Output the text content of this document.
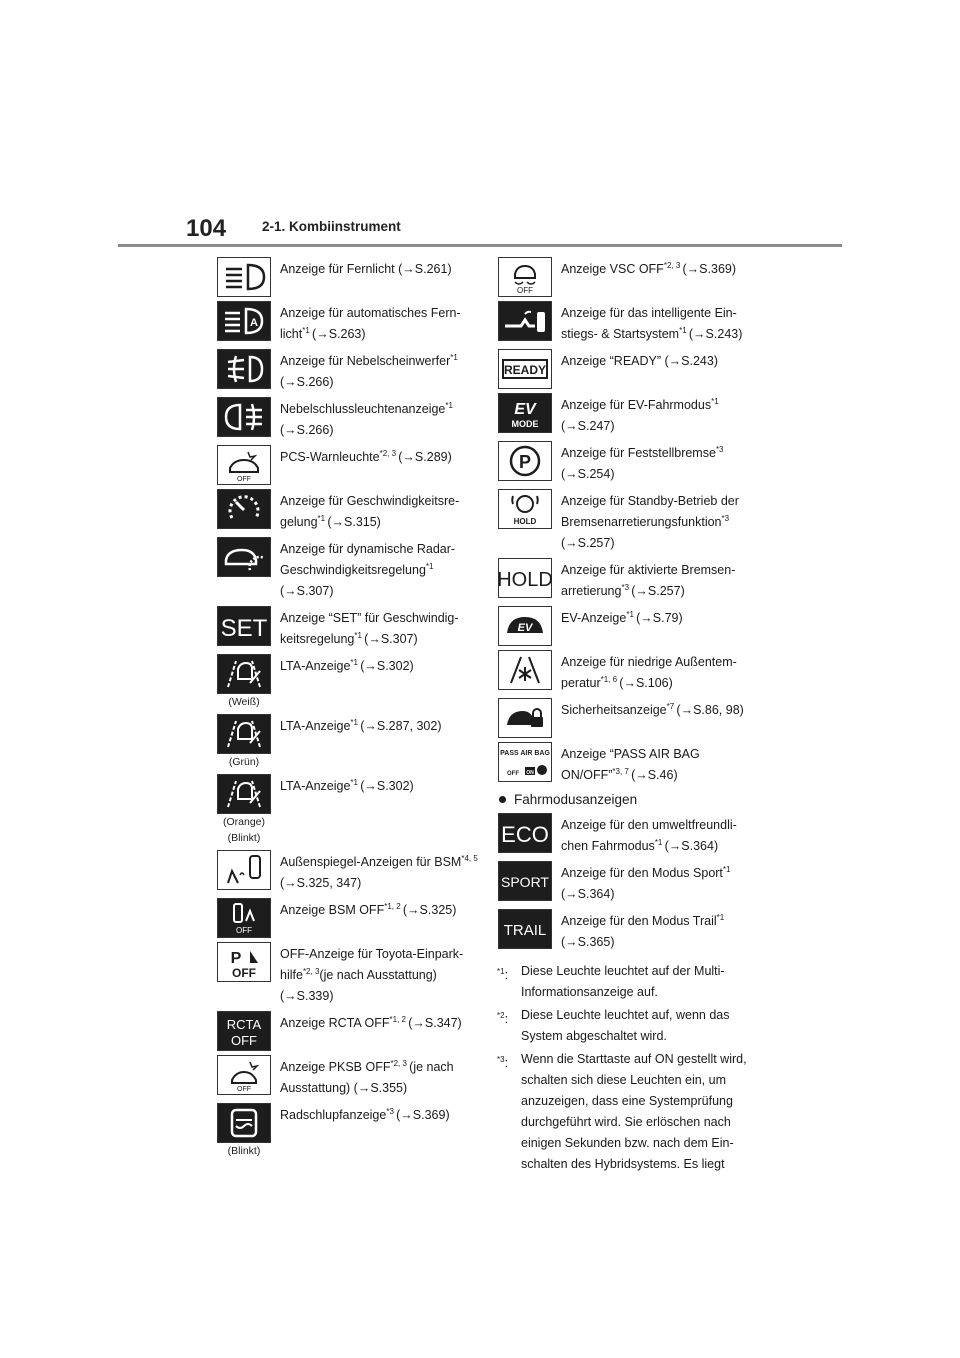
104	2-1. Kombiinstrument
Anzeige für Fernlicht (→S.261)
A
Anzeige für automatisches Fernlicht$^{*1}$ (→S.263)
Anzeige für Nebelscheinwerfer$^{*1}$ (→S.266)
Nebelschlussleuchtenanzeige$^{*1}$ (→S.266)
OFF
PCS-Warnleuchte$^{*2, 3}$ (→S.289)
Anzeige für Geschwindigkeitsregelung$^{*1}$ (→S.315)
Anzeige für dynamische Radar-Geschwindigkeitsregelung$^{*1}$ (→S.307)
SET Anzeige “SET” für Geschwindigkeitsregelung$^{*1}$ (→S.307)
(Weiß)
LTA-Anzeige$^{*1}$ (→S.302)
(Grün)
LTA-Anzeige$^{*1}$ (→S.287, 302)
(Orange)
(Blinkt)
LTA-Anzeige$^{*1}$ (→S.302)
Außenspiegel-Anzeigen für BSM$^{*4, 5}$ (→S.325, 347)
OFF
Anzeige BSM OFF$^{*1, 2}$ (→S.325)
P
OFF
OFF-Anzeige für Toyota-Einparkhilfe$^{*2, 3}$(je nach Ausstattung) (→S.339)
RCTA
OFF
Anzeige RCTA OFF$^{*1, 2}$ (→S.347)
OFF
Anzeige PKSB OFF$^{*2, 3}$ (je nach Ausstattung) (→S.355)
(Blinkt)
Radschlupfanzeige$^{*3}$ (→S.369)
OFF
Anzeige VSC OFF$^{*2, 3}$ (→S.369)
Anzeige für das intelligente Einstiegs- & Startsystem$^{*1}$ (→S.243)
READY
Anzeige “READY” (→S.243)
EV
MODE
Anzeige für EV-Fahrmodus$^{*1}$ (→S.247)
P Anzeige für Feststellbremse$^{*3}$ (→S.254)
HOLD
Anzeige für Standby-Betrieb der Bremsenarretierungsfunktion$^{*3}$ (→S.257)
HOLD Anzeige für aktivierte Bremsenarretierung$^{*3}$ (→S.257)
EV
EV-Anzeige$^{*1}$ (→S.79)
Anzeige für niedrige Außentemperatur$^{*1, 6}$ (→S.106)
Sicherheitsanzeige$^{*7}$ (→S.86, 98)
PASS AIR BAG
OFF ON
Anzeige “PASS AIR BAG ON/OFF”$^{*3, 7}$ (→S.46)
Fahrmodusanzeigen
ECO Anzeige für den umweltfreundlichen Fahrmodus$^{*1}$ (→S.364)
SPORT
Anzeige für den Modus Sport$^{*1}$ (→S.364)
TRAIL
Anzeige für den Modus Trail$^{*1}$ (→S.365)
$^{*1}$:	Diese Leuchte leuchtet auf der Multi-Informationsanzeige auf.
$^{*2}$:	Diese Leuchte leuchtet auf, wenn das System abgeschaltet wird.
$^{*3}$:	Wenn die Starttaste auf ON gestellt wird, schalten sich diese Leuchten ein, um anzuzeigen, dass eine Systemprüfung durchgeführt wird. Sie erlöschen nach einigen Sekunden bzw. nach dem Einschalten des Hybridsystems. Es liegt
